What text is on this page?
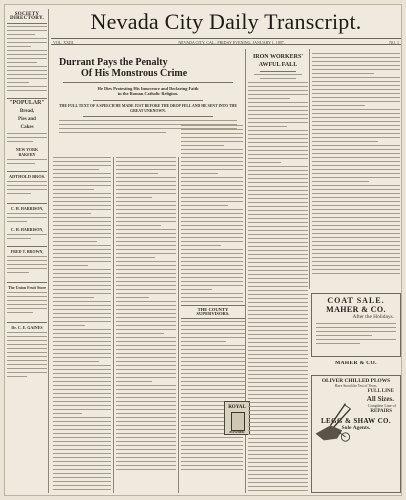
Nevada City Daily Transcript.
VOL. XXIII.	NEVADA CITY, CAL., FRIDAY EVENING, JANUARY 1, 1897.	NO. 1
SOCIETY DIRECTORY.
"POPULAR"
Bread,
Pies and
Cakes
NEW YORK BAKERY
ADTHOLD BROS.
C. H. HARRISON,
C. H. HARRISON,
FRED T. BROWN,
The Union Fruit Store
Dr. C. E. GAINES
Durrant Pays the Penalty
Of His Monstrous Crime
He Dies Protesting His Innocence and Declaring Faith
in the Roman Catholic Religion.
THE FULL TEXT OF A SPEECH HE MADE JUST BEFORE THE DROP FELL AND HE SENT INTO THE GREAT UNKNOWN.
THE COUNTY SUPERVISORS.
ROYAL
POWDER
IRON WORKERS'
AWFUL FALL
COAT SALE.
MAHER & CO.
After the Holidays.
OLIVER CHILLED PLOWS
Have Stood the Test of Years.
FULL LINE
All Sizes.
Complete Line of
REPAIRS
LEGG & SHAW CO.
Sole Agents.
MAHER & CO.
